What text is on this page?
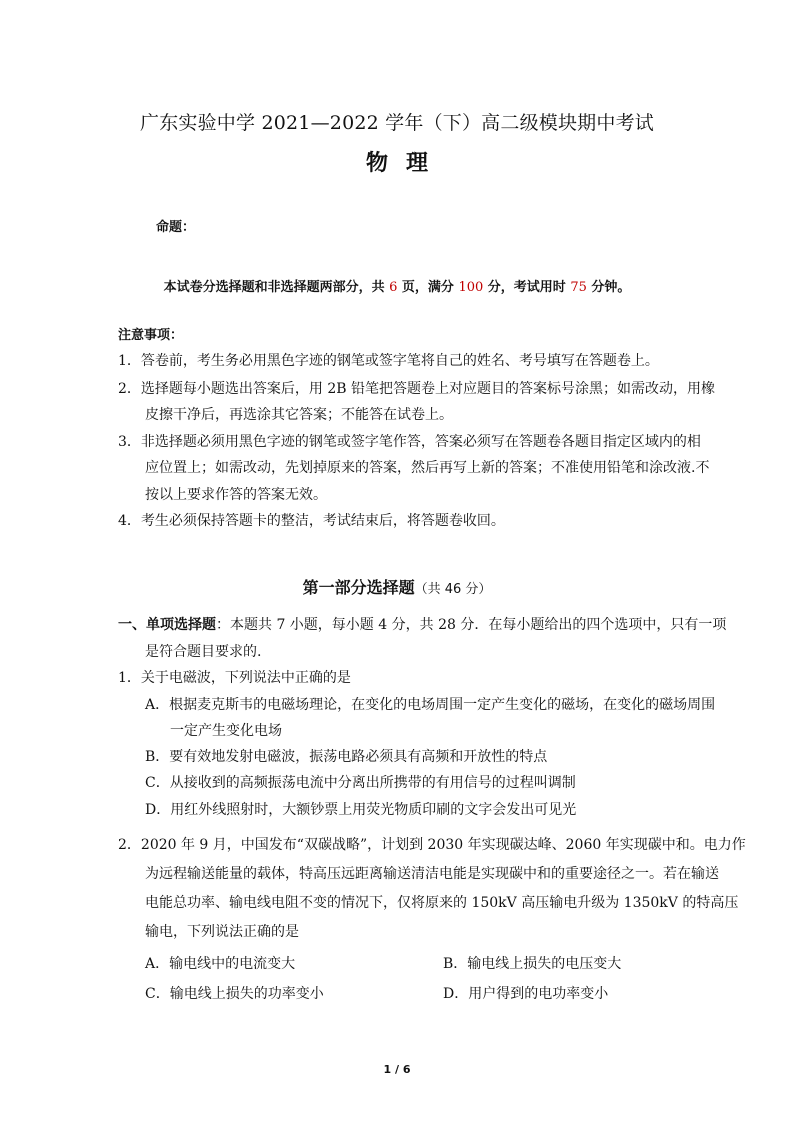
广东实验中学 2021—2022 学年（下）高二级模块期中考试
物理
命题：
本试卷分选择题和非选择题两部分，共 6 页，满分 100 分，考试用时 75 分钟。
注意事项：
1．答卷前，考生务必用黑色字迹的钢笔或签字笔将自己的姓名、考号填写在答题卷上。
2．选择题每小题选出答案后，用 2B 铅笔把答题卷上对应题目的答案标号涂黑；如需改动，用橡
皮擦干净后，再选涂其它答案；不能答在试卷上。
3．非选择题必须用黑色字迹的钢笔或签字笔作答，答案必须写在答题卷各题目指定区域内的相
应位置上；如需改动，先划掉原来的答案，然后再写上新的答案；不准使用铅笔和涂改液.不
按以上要求作答的答案无效。
4．考生必须保持答题卡的整洁，考试结束后，将答题卷收回。
第一部分选择题（共 46 分）
一、单项选择题：本题共 7 小题，每小题 4 分，共 28 分．在每小题给出的四个选项中，只有一项
是符合题目要求的.
1．关于电磁波，下列说法中正确的是
A．根据麦克斯韦的电磁场理论，在变化的电场周围一定产生变化的磁场，在变化的磁场周围
一定产生变化电场
B．要有效地发射电磁波，振荡电路必须具有高频和开放性的特点
C．从接收到的高频振荡电流中分离出所携带的有用信号的过程叫调制
D．用红外线照射时，大额钞票上用荧光物质印刷的文字会发出可见光
2．2020 年 9 月，中国发布“双碳战略”，计划到 2030 年实现碳达峰、2060 年实现碳中和。电力作
为远程输送能量的载体，特高压远距离输送清洁电能是实现碳中和的重要途径之一。若在输送
电能总功率、输电线电阻不变的情况下，仅将原来的 150kV 高压输电升级为 1350kV 的特高压
输电，下列说法正确的是
A．输电线中的电流变大	B．输电线上损失的电压变大
C．输电线上损失的功率变小	D．用户得到的电功率变小
1 / 6
